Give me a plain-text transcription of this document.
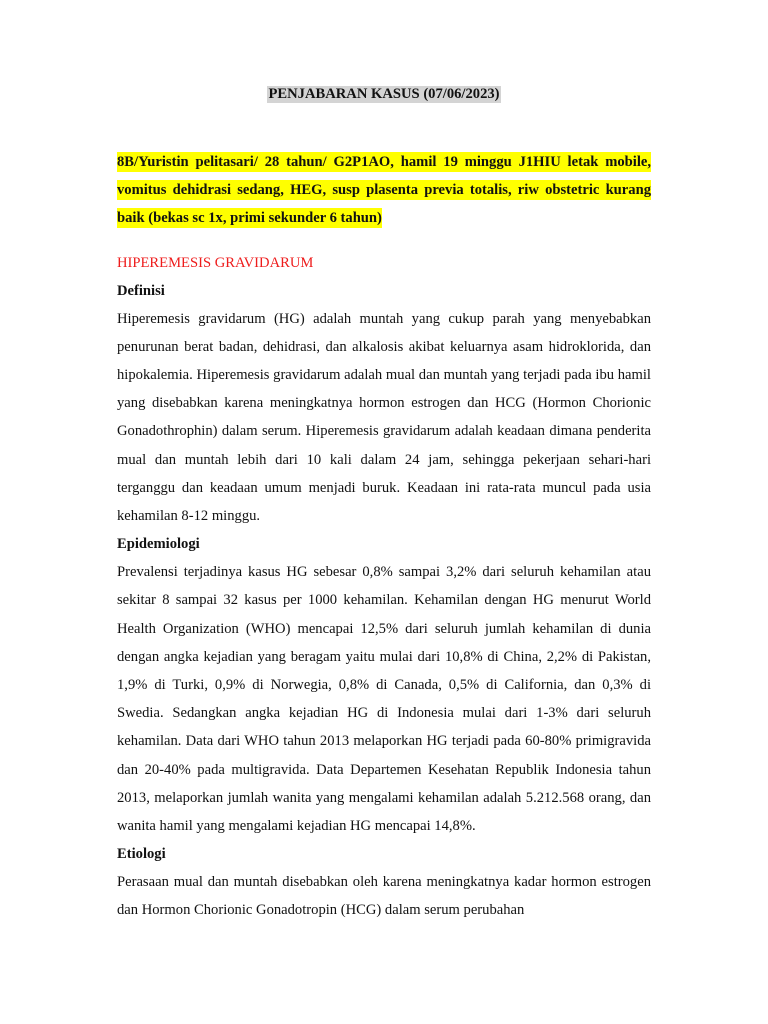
PENJABARAN KASUS (07/06/2023)
8B/Yuristin pelitasari/ 28 tahun/ G2P1AO, hamil 19 minggu J1HIU letak mobile, vomitus dehidrasi sedang, HEG, susp plasenta previa totalis, riw obstetric kurang baik (bekas sc 1x, primi sekunder 6 tahun)
HIPEREMESIS GRAVIDARUM
Definisi

Hiperemesis gravidarum (HG) adalah muntah yang cukup parah yang menyebabkan penurunan berat badan, dehidrasi, dan alkalosis akibat keluarnya asam hidroklorida, dan hipokalemia. Hiperemesis gravidarum adalah mual dan muntah yang terjadi pada ibu hamil yang disebabkan karena meningkatnya hormon estrogen dan HCG (Hormon Chorionic Gonadothrophin) dalam serum. Hiperemesis gravidarum adalah keadaan dimana penderita mual dan muntah lebih dari 10 kali dalam 24 jam, sehingga pekerjaan sehari-hari terganggu dan keadaan umum menjadi buruk. Keadaan ini rata-rata muncul pada usia kehamilan 8-12 minggu.

Epidemiologi

Prevalensi terjadinya kasus HG sebesar 0,8% sampai 3,2% dari seluruh kehamilan atau sekitar 8 sampai 32 kasus per 1000 kehamilan. Kehamilan dengan HG menurut World Health Organization (WHO) mencapai 12,5% dari seluruh jumlah kehamilan di dunia dengan angka kejadian yang beragam yaitu mulai dari 10,8% di China, 2,2% di Pakistan, 1,9% di Turki, 0,9% di Norwegia, 0,8% di Canada, 0,5% di California, dan 0,3% di Swedia. Sedangkan angka kejadian HG di Indonesia mulai dari 1-3% dari seluruh kehamilan. Data dari WHO tahun 2013 melaporkan HG terjadi pada 60-80% primigravida dan 20-40% pada multigravida. Data Departemen Kesehatan Republik Indonesia tahun 2013, melaporkan jumlah wanita yang mengalami kehamilan adalah 5.212.568 orang, dan wanita hamil yang mengalami kejadian HG mencapai 14,8%.

Etiologi

Perasaan mual dan muntah disebabkan oleh karena meningkatnya kadar hormon estrogen dan Hormon Chorionic Gonadotropin (HCG) dalam serum perubahan
